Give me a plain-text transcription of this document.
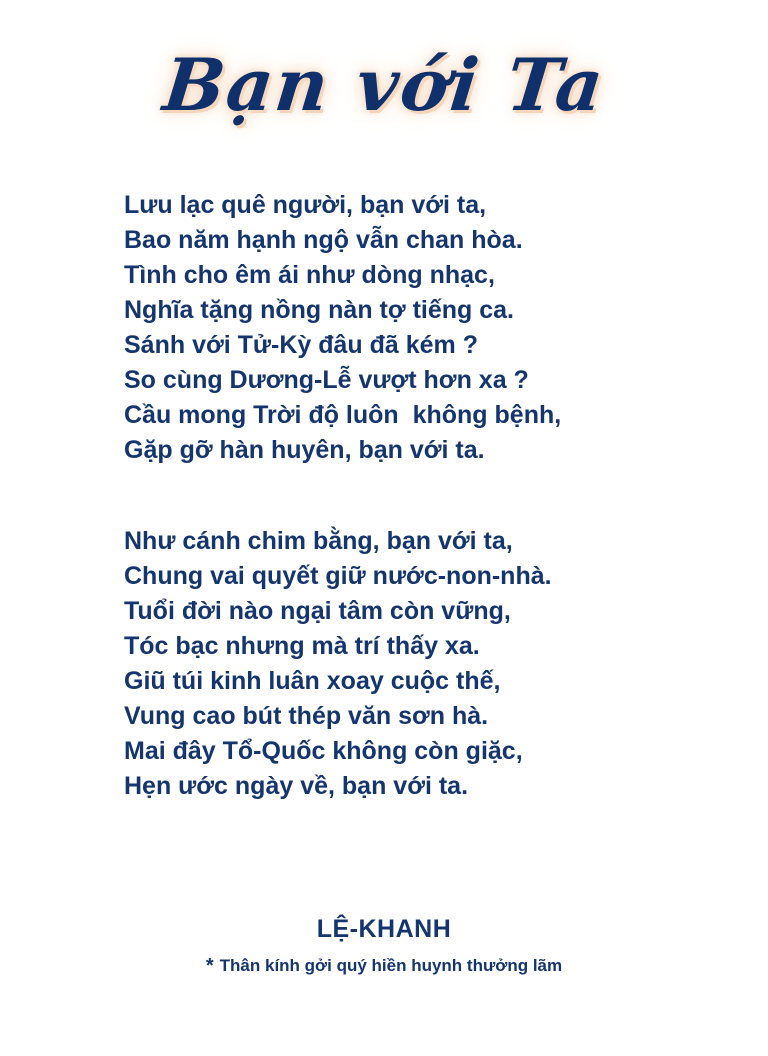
Bạn với Ta
Lưu lạc quê người, bạn với ta,
Bao năm hạnh ngộ vẫn chan hòa.
Tình cho êm ái như dòng nhạc,
Nghĩa tặng nồng nàn tợ tiếng ca.
Sánh với Tử-Kỳ đâu đã kém ?
So cùng Dương-Lễ vượt hơn xa ?
Cầu mong Trời độ luôn  không bệnh,
Gặp gỡ hàn huyên, bạn với ta.
Như cánh chim bằng, bạn với ta,
Chung vai quyết giữ nước-non-nhà.
Tuổi đời nào ngại tâm còn vững,
Tóc bạc nhưng mà trí thấy xa.
Giũ túi kinh luân xoay cuộc thế,
Vung cao bút thép văn sơn hà.
Mai đây Tổ-Quốc không còn giặc,
Hẹn ước ngày về, bạn với ta.
LỆ-KHANH
* Thân kính gởi quý hiền huynh thưởng lãm
